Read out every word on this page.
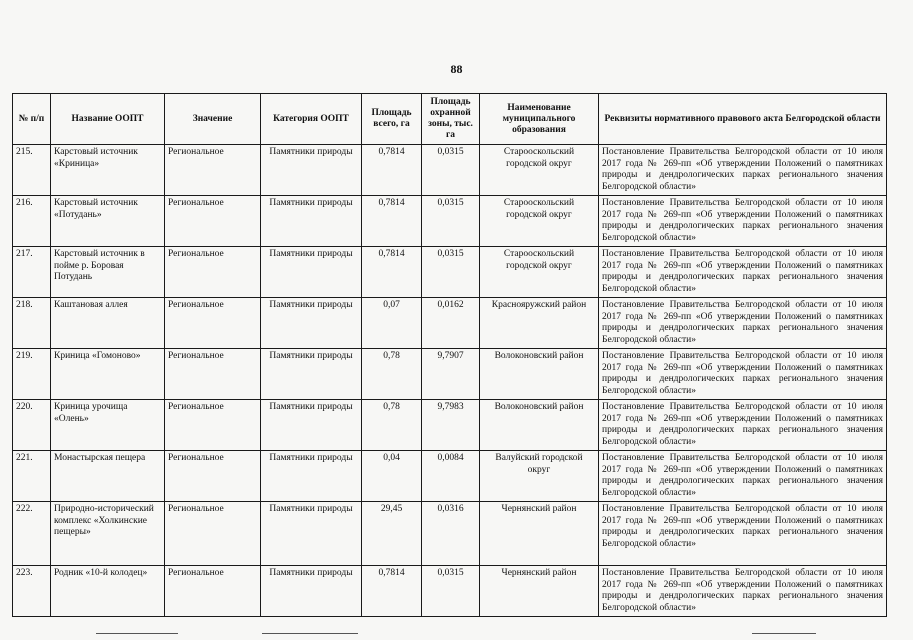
88
№ п/п	Название ООПТ	Значение	Категория ООПТ	Площадь всего, га	Площадь охранной зоны, тыс. га	Наименование муниципального образования	Реквизиты нормативного правового акта Белгородской области
215.	Карстовый источник «Криница»	Региональное	Памятники природы	0,7814	0,0315	Старооскольский городской округ	Постановление Правительства Белгородской области от 10 июля 2017 года № 269-пп «Об утверждении Положений о памятниках природы и дендрологических парках регионального значения Белгородской области»
216.	Карстовый источник «Потудань»	Региональное	Памятники природы	0,7814	0,0315	Старооскольский городской округ	Постановление Правительства Белгородской области от 10 июля 2017 года № 269-пп «Об утверждении Положений о памятниках природы и дендрологических парках регионального значения Белгородской области»
217.	Карстовый источник в пойме р. Боровая Потудань	Региональное	Памятники природы	0,7814	0,0315	Старооскольский городской округ	Постановление Правительства Белгородской области от 10 июля 2017 года № 269-пп «Об утверждении Положений о памятниках природы и дендрологических парках регионального значения Белгородской области»
218.	Каштановая аллея	Региональное	Памятники природы	0,07	0,0162	Краснояружский район	Постановление Правительства Белгородской области от 10 июля 2017 года № 269-пп «Об утверждении Положений о памятниках природы и дендрологических парках регионального значения Белгородской области»
219.	Криница «Гомоново»	Региональное	Памятники природы	0,78	9,7907	Волоконовский район	Постановление Правительства Белгородской области от 10 июля 2017 года № 269-пп «Об утверждении Положений о памятниках природы и дендрологических парках регионального значения Белгородской области»
220.	Криница урочища «Олень»	Региональное	Памятники природы	0,78	9,7983	Волоконовский район	Постановление Правительства Белгородской области от 10 июля 2017 года № 269-пп «Об утверждении Положений о памятниках природы и дендрологических парках регионального значения Белгородской области»
221.	Монастырская пещера	Региональное	Памятники природы	0,04	0,0084	Валуйский городской округ	Постановление Правительства Белгородской области от 10 июля 2017 года № 269-пп «Об утверждении Положений о памятниках природы и дендрологических парках регионального значения Белгородской области»
222.	Природно-исторический комплекс «Холкинские пещеры»	Региональное	Памятники природы	29,45	0,0316	Чернянский район	Постановление Правительства Белгородской области от 10 июля 2017 года № 269-пп «Об утверждении Положений о памятниках природы и дендрологических парках регионального значения Белгородской области»
223.	Родник «10-й колодец»	Региональное	Памятники природы	0,7814	0,0315	Чернянский район	Постановление Правительства Белгородской области от 10 июля 2017 года № 269-пп «Об утверждении Положений о памятниках природы и дендрологических парках регионального значения Белгородской области»
